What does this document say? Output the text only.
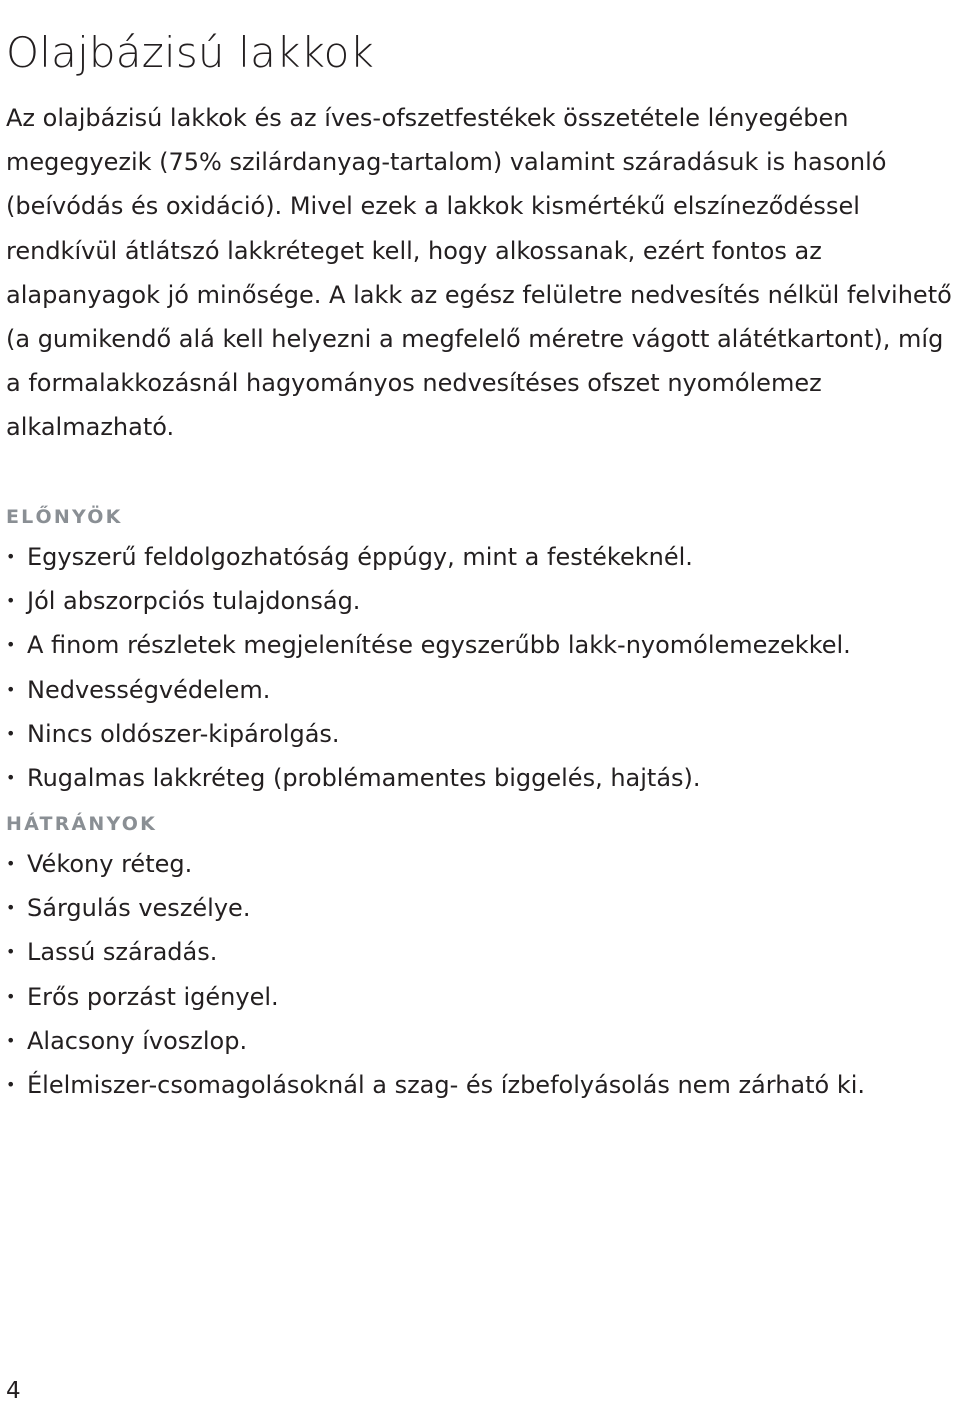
Olajbázisú lakkok

Az olajbázisú lakkok és az íves-ofszetfestékek összetétele lényegében megegyezik (75% szilárdanyag-tartalom) valamint száradásuk is hasonló (beívódás és oxidáció). Mivel ezek a lakkok kismértékű elszíneződéssel rendkívül átlátszó lakkréteget kell, hogy alkossanak, ezért fontos az alapanyagok jó minősége. A lakk az egész felületre nedvesítés nélkül felvihető (a gumikendő alá kell helyezni a megfelelő méretre vágott alátétkartont), míg a formalakkozásnál hagyományos nedvesítéses ofszet nyomólemez alkalmazható.

ELŐNYÖK
• Egyszerű feldolgozhatóság éppúgy, mint a festékeknél.
• Jól abszorpciós tulajdonság.
• A finom részletek megjelenítése egyszerűbb lakk-nyomólemezekkel.
• Nedvességvédelem.
• Nincs oldószer-kipárolgás.
• Rugalmas lakkréteg (problémamentes biggelés, hajtás).
HÁTRÁNYOK
• Vékony réteg.
• Sárgulás veszélye.
• Lassú száradás.
• Erős porzást igényel.
• Alacsony ívoszlop.
• Élelmiszer-csomagolásoknál a szag- és ízbefolyásolás nem zárható ki.
4
